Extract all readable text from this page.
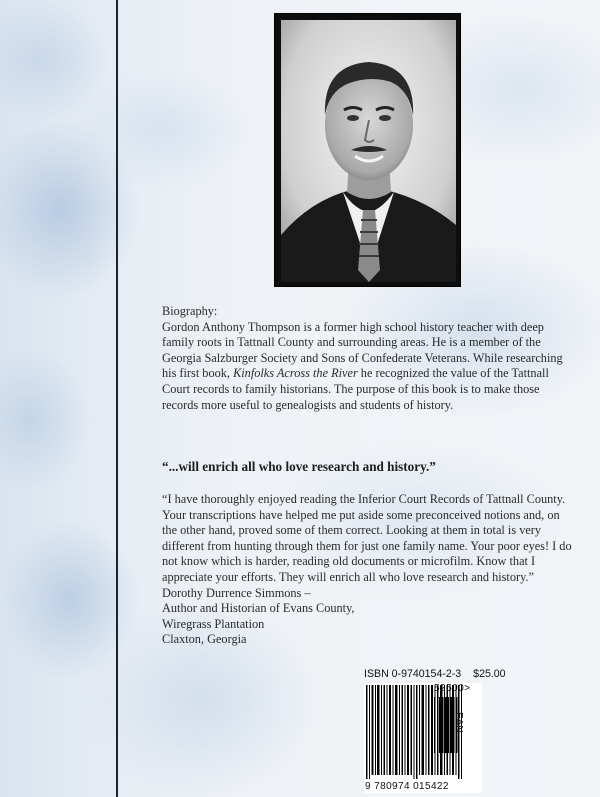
Biography:

Gordon Anthony Thompson is a former high school history teacher with deep family roots in Tattnall County and surrounding areas. He is a member of the Georgia Salzburger Society and Sons of Confederate Veterans. While researching his first book, Kinfolks Across the River he recognized the value of the Tattnall Court records to family historians. The purpose of this book is to make those records more useful to genealogists and students of history.

“...will enrich all who love research and history.”

“I have thoroughly enjoyed reading the Inferior Court Records of Tattnall County. Your transcriptions have helped me put aside some preconceived notions and, on the other hand, proved some of them correct. Looking at them in total is very different from hunting through them for just one family name. Your poor eyes! I do not know which is harder, reading old documents or microfilm. Know that I appreciate your efforts. They will enrich all who love research and history.”

Dorothy Durrence Simmons –
Author and Historian of Evans County,
Wiregrass Plantation
Claxton, Georgia
ISBN 0-9740154-2-3 $25.00
52500>
EAN
9 780974 015422
